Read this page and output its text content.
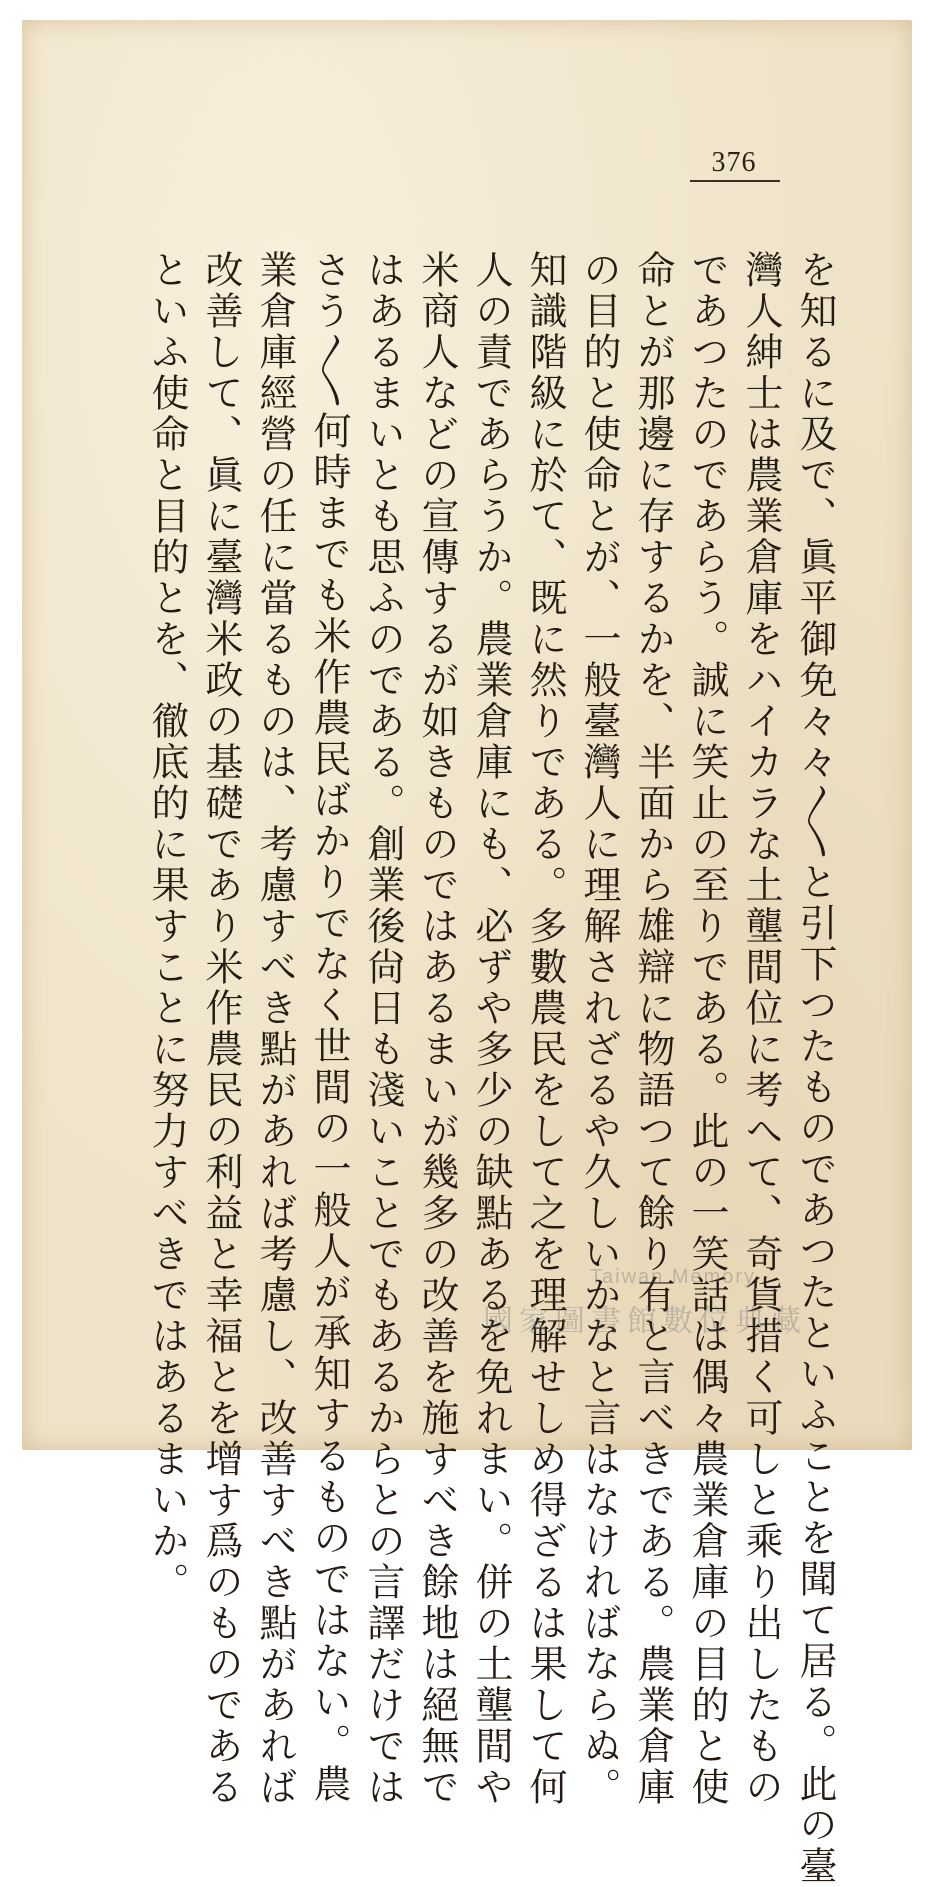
376
を知るに及で、眞平御免々々〳〵と引下つたものであつたといふことを聞て居る。此の臺
灣人紳士は農業倉庫をハイカラな土壟間位に考へて、奇貨措く可しと乘り出したもの
であつたのであらう。誠に笑止の至りである。此の一笑話は偶々農業倉庫の目的と使
命とが那邊に存するかを、半面から雄辯に物語つて餘り有と言べきである。農業倉庫
の目的と使命とが、一般臺灣人に理解されざるや久しいかなと言はなければならぬ。
知識階級に於て、既に然りである。多數農民をして之を理解せしめ得ざるは果して何
人の責であらうか。農業倉庫にも、必ずや多少の缺點あるを免れまい。併の土壟間や
米商人などの宣傳するが如きものではあるまいが幾多の改善を施すべき餘地は絕無で
はあるまいとも思ふのである。創業後尙日も淺いことでもあるからとの言譯だけでは
さう〳〵何時までも米作農民ばかりでなく世間の一般人が承知するものではない。農
業倉庫經營の任に當るものは、考慮すべき點があれば考慮し、改善すべき點があれば
改善して、眞に臺灣米政の基礎であり米作農民の利益と幸福とを增す爲のものである
といふ使命と目的とを、徹底的に果すことに努力すべきではあるまいか。	Taiwan Memory
國家圖書館數位典藏
